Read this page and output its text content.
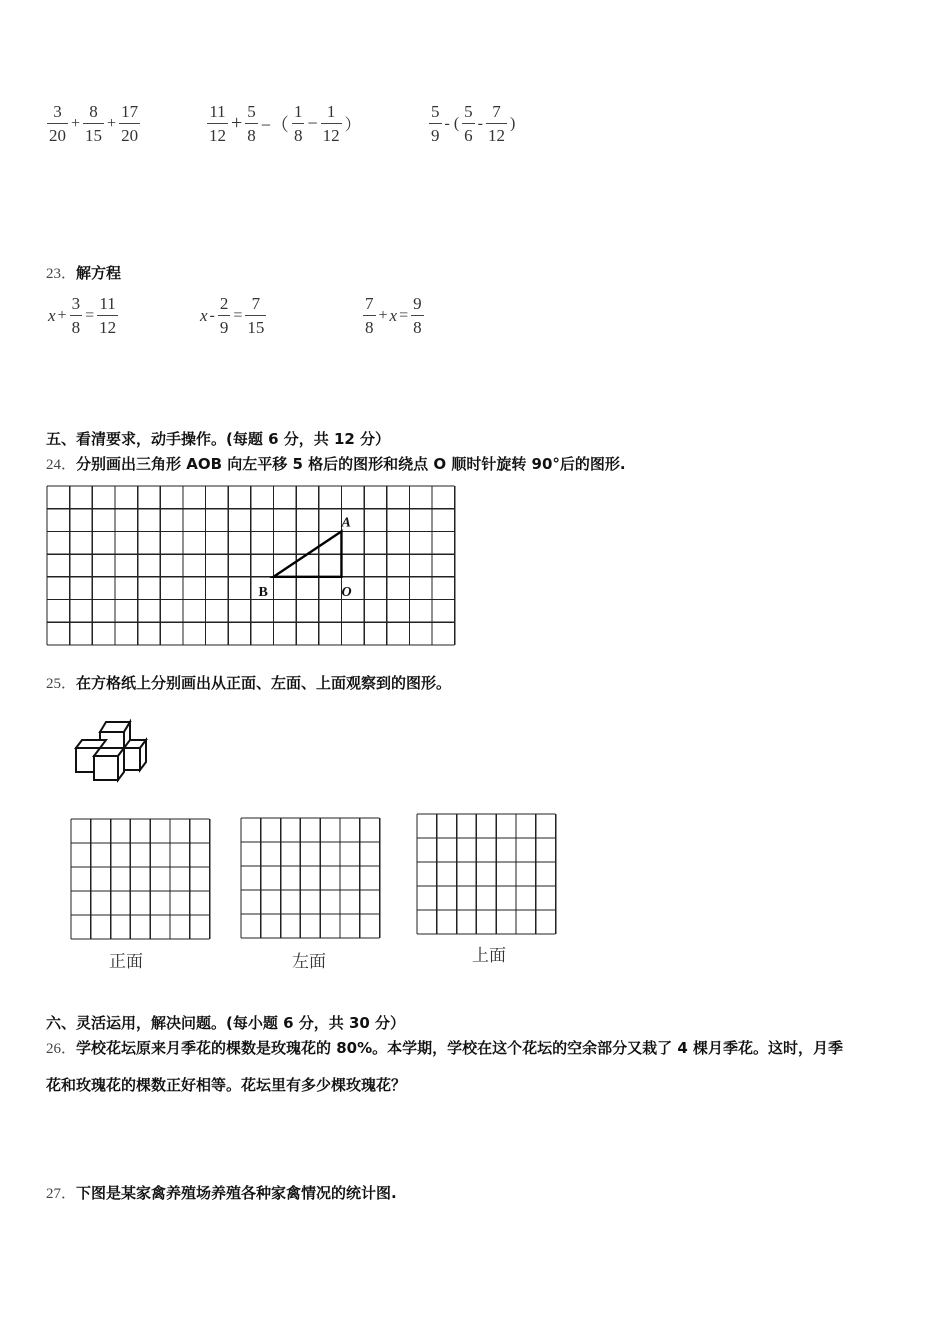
$\frac{3}{20} + \frac{8}{15} + \frac{17}{20}$	$\frac{11}{12} + \frac{5}{8}$ −（ $\frac{1}{8} - \frac{1}{12}$ ）	$\frac{5}{9}$ - ( $\frac{5}{6} - \frac{7}{12}$ )
23．解方程
$x + \frac{3}{8} = \frac{11}{12}$	$x - \frac{2}{9} = \frac{7}{15}$	$\frac{7}{8} + x = \frac{9}{8}$
五、看清要求，动手操作。(每题 6 分，共 12 分）
24．分别画出三角形 AOB 向左平移 5 格后的图形和绕点 O 顺时针旋转 90°后的图形.
A
O
B
25．在方格纸上分别画出从正面、左面、上面观察到的图形。
正面	左面	上面
六、灵活运用，解决问题。(每小题 6 分，共 30 分）
26．学校花坛原来月季花的棵数是玫瑰花的 80%。本学期，学校在这个花坛的空余部分又栽了 4 棵月季花。这时，月季
花和玫瑰花的棵数正好相等。花坛里有多少棵玫瑰花？
27．下图是某家禽养殖场养殖各种家禽情况的统计图.
